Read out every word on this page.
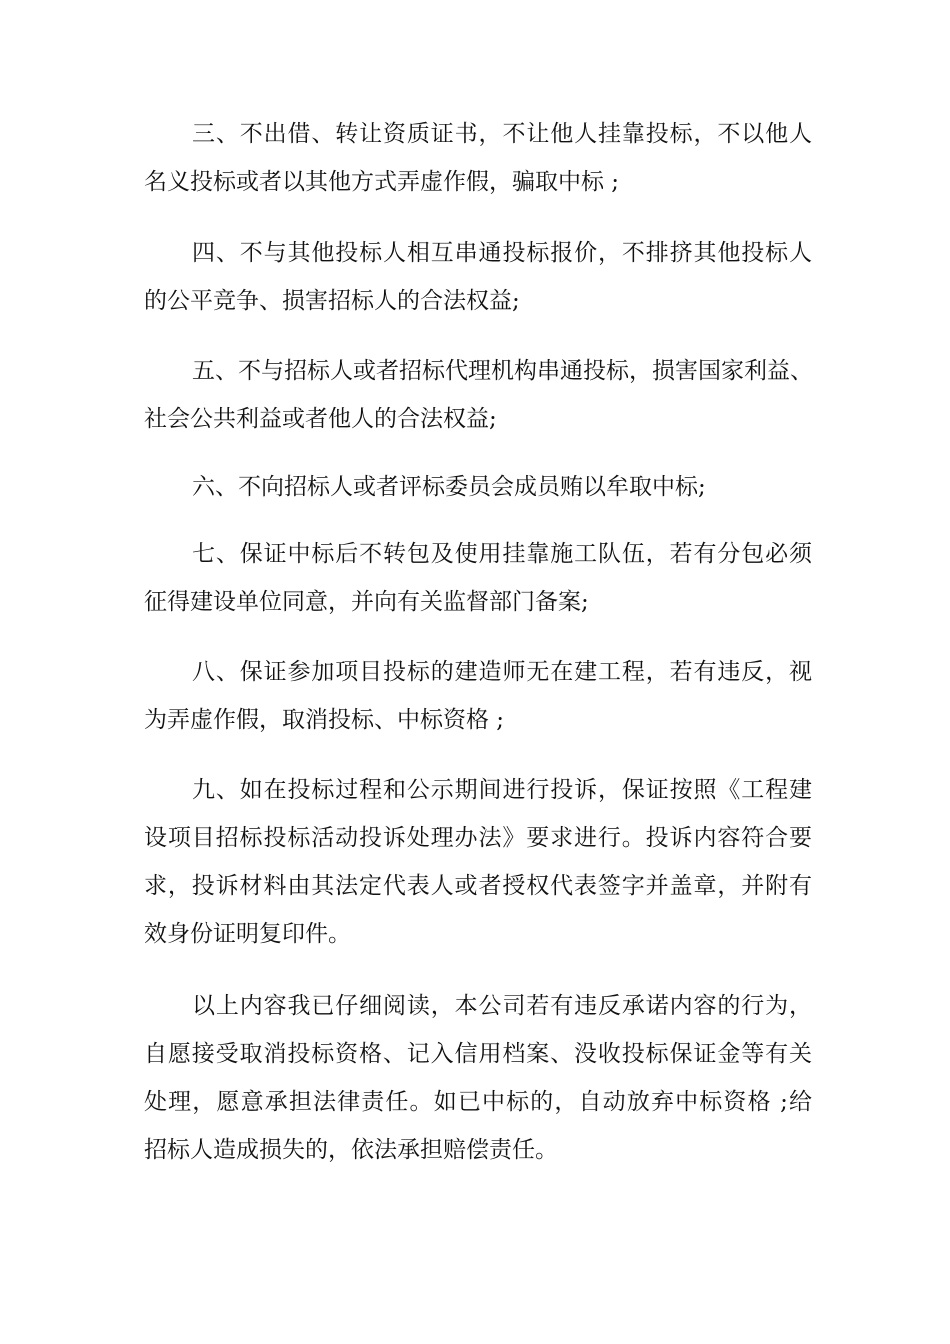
三、不出借、转让资质证书，不让他人挂靠投标，不以他人
名义投标或者以其他方式弄虚作假，骗取中标 ;

四、不与其他投标人相互串通投标报价，不排挤其他投标人
的公平竞争、损害招标人的合法权益;

五、不与招标人或者招标代理机构串通投标，损害国家利益、
社会公共利益或者他人的合法权益;

六、不向招标人或者评标委员会成员贿以牟取中标;

七、保证中标后不转包及使用挂靠施工队伍，若有分包必须
征得建设单位同意，并向有关监督部门备案;

八、保证参加项目投标的建造师无在建工程，若有违反，视
为弄虚作假，取消投标、中标资格 ;

九、如在投标过程和公示期间进行投诉，保证按照《工程建
设项目招标投标活动投诉处理办法》要求进行。投诉内容符合要
求，投诉材料由其法定代表人或者授权代表签字并盖章，并附有
效身份证明复印件。

以上内容我已仔细阅读，本公司若有违反承诺内容的行为，
自愿接受取消投标资格、记入信用档案、没收投标保证金等有关
处理，愿意承担法律责任。如已中标的，自动放弃中标资格 ;给
招标人造成损失的，依法承担赔偿责任。
